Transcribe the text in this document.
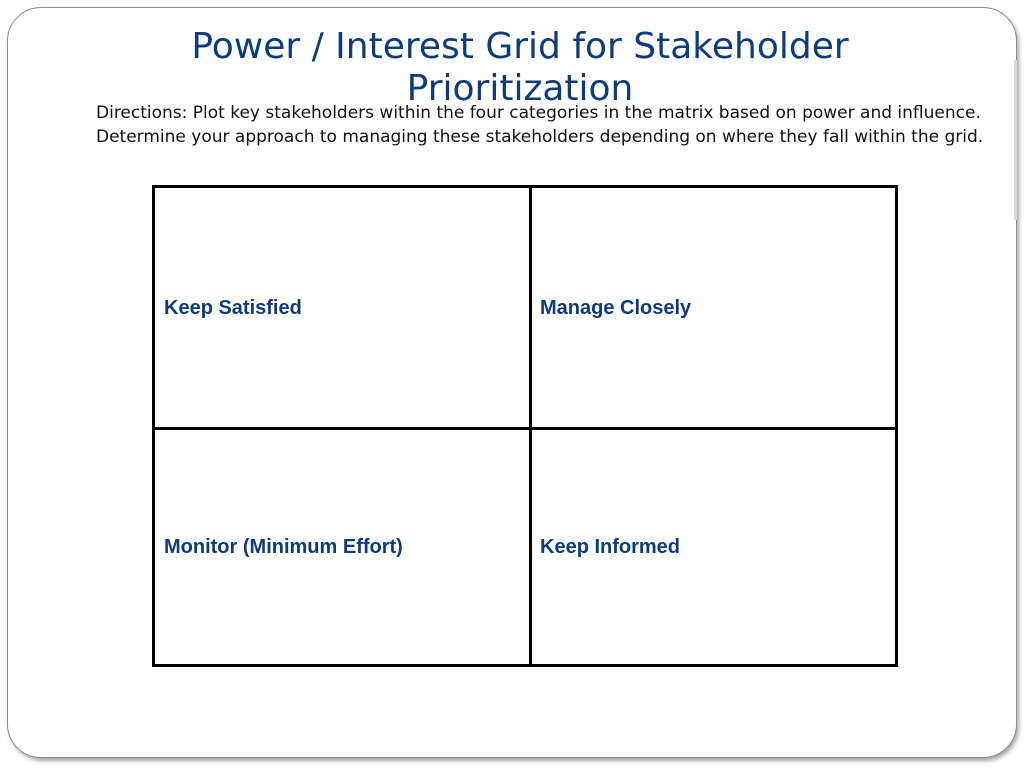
Power / Interest Grid for Stakeholder Prioritization
Directions: Plot key stakeholders within the four categories in the matrix based on power and influence. Determine your approach to managing these stakeholders depending on where they fall within the grid.
Keep Satisfied	Manage Closely
Monitor (Minimum Effort)	Keep Informed
